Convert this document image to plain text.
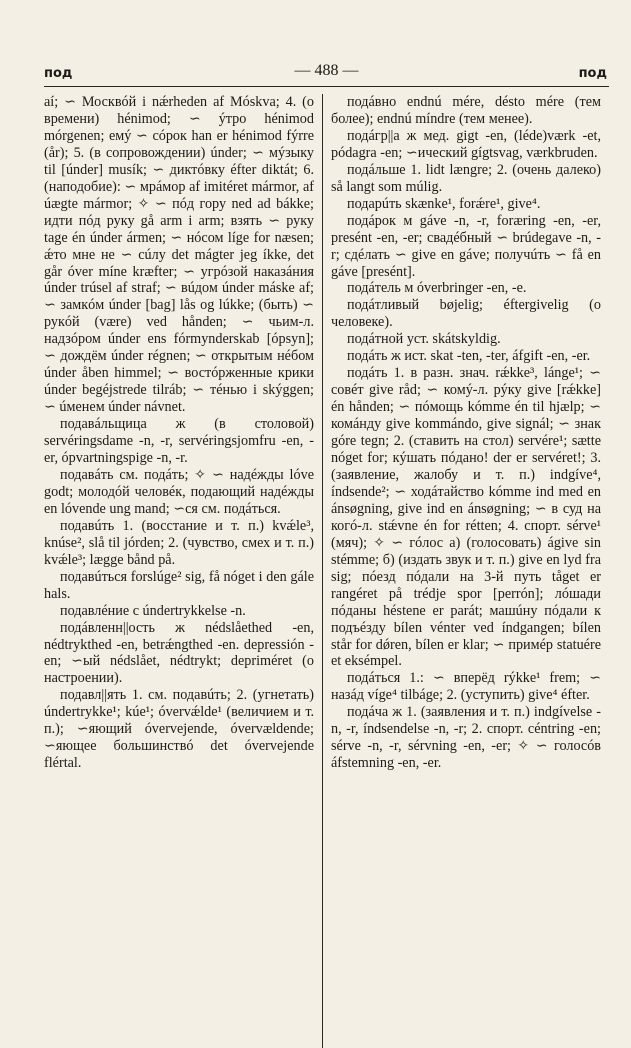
под	— 488 —	под

aí; ∽ Москвóй i nǽrheden af Móskva; 4. (o времени) hénimod; ∽ ýтро hénimod mórgenen; емý ∽ сóрок han er hénimod fýrre (år); 5. (в сопровождении) únder; ∽ мýзыку til [únder] musík; ∽ диктóвку éfter diktát; 6. (наподобие): ∽ мрáмор af imitéret mármor, af úægte mármor; ✧ ∽ пóд гору ned ad bákke; идти пóд руку gå arm i arm; взять ∽ руку tage én únder ármen; ∽ нóсом líge for næsen; ǽто мне не ∽ сúлу det mágter jeg íkke, det går óver míne kræfter; ∽ угрóзой наказáния únder trúsel af straf; ∽ вúдом únder máske af; ∽ замкóм únder [bag] lås og lúkke; (быть) ∽ рукóй (være) ved hånden; ∽ чьим-л. надзóром únder ens fórmynderskab [ópsyn]; ∽ дождём únder régnen; ∽ открытым нéбом únder åben himmel; ∽ востóрженные крики únder begéjstrede tilráb; ∽ тéнью i skýggen; ∽ úменем únder návnet.

подавáльщица ж (в столовой) servéringsdame -n, -r, servéringsjomfru -en, -er, ópvartningspige -n, -r.

подавáть см. подáть; ✧ ∽ надéжды lóve godt; молодóй человéк, подающий надéжды en lóvende ung mand; ∽ся см. подáться.

подавúть 1. (восстание и т. п.) kvǽle³, knúse², slå til jórden; 2. (чувство, смех и т. п.) kvǽle³; lægge bånd på.

подавúться forslúge² sig, få nóget i den gále hals.

подавлéние с úndertrykkelse -n.

подáвленн||ость ж nédslåethed -en, nédtrykthed -en, betrǽngthed -en. depressión -en; ∽ый nédslået, nédtrykt; depriméret (о настроении).

подавл||ять 1. см. подавúть; 2. (угнетать) úndertrykke¹; kúe¹; óvervǽlde¹ (величием и т. п.); ∽яющий óvervejende, óvervældende; ∽яющее большинствó det óvervejende flértal.

подáвно endnú mére, désto mére (тем более); endnú míndre (тем менее).

подáгр||а ж мед. gigt -en, (léde)værk -et, pódagra -en; ∽ический gígtsvag, værkbruden.

подáльше 1. lidt længre; 2. (очень далеко) så langt som múlig.

подарúть skænke¹, forǽre¹, give⁴.

подáрок м gáve -n, -r, foræring -en, -er, presént -en, -er; свадéбный ∽ brúdegave -n, -r; сдéлать ∽ give en gáve; получúть ∽ få en gáve [presént].

подáтель м óverbringer -en, -e.

подáтливый bøjelig; éftergivelig (о человеке).

подáтной уст. skátskyldig.

подáть ж ист. skat -ten, -ter, áfgift -en, -er.

подáть 1. в разн. знач. rǽkke³, lánge¹; ∽ совéт give råd; ∽ комý-л. рýку give [rǽkke] én hånden; ∽ пóмощь kómme én til hjælp; ∽ комáнду give kommándo, give signál; ∽ знак góre tegn; 2. (ставить на стол) servére¹; sætte nóget for; кýшать пóдано! der er servéret!; 3. (заявление, жалобу и т. п.) indgíve⁴, índsende²; ∽ ходáтайство kómme ind med en ánsøgning, give ind en ánsøgning; ∽ в суд на когó-л. stǽvne én for rétten; 4. спорт. sérve¹ (мяч); ✧ ∽ гóлос а) (голосовать) ágive sin stémme; б) (издать звук и т. п.) give en lyd fra sig; пóезд пóдали на 3-й путь tåget er rangéret på trédje spor [perrón]; лóшади пóданы héstene er parát; машúну пóдали к подъéзду bílen vénter ved índgangen; bílen står for dǿren, bílen er klar; ∽ примéр statuére et eksémpel.

подáться 1.: ∽ вперёд rýkke¹ frem; ∽ назáд víge⁴ tilbáge; 2. (уступить) give⁴ éfter.

подáча ж 1. (заявления и т. п.) indgívelse -n, -r, índsendelse -n, -r; 2. спорт. céntring -en; sérve -n, -r, sérvning -en, -er; ✧ ∽ голосóв áfstemning -en, -er.
